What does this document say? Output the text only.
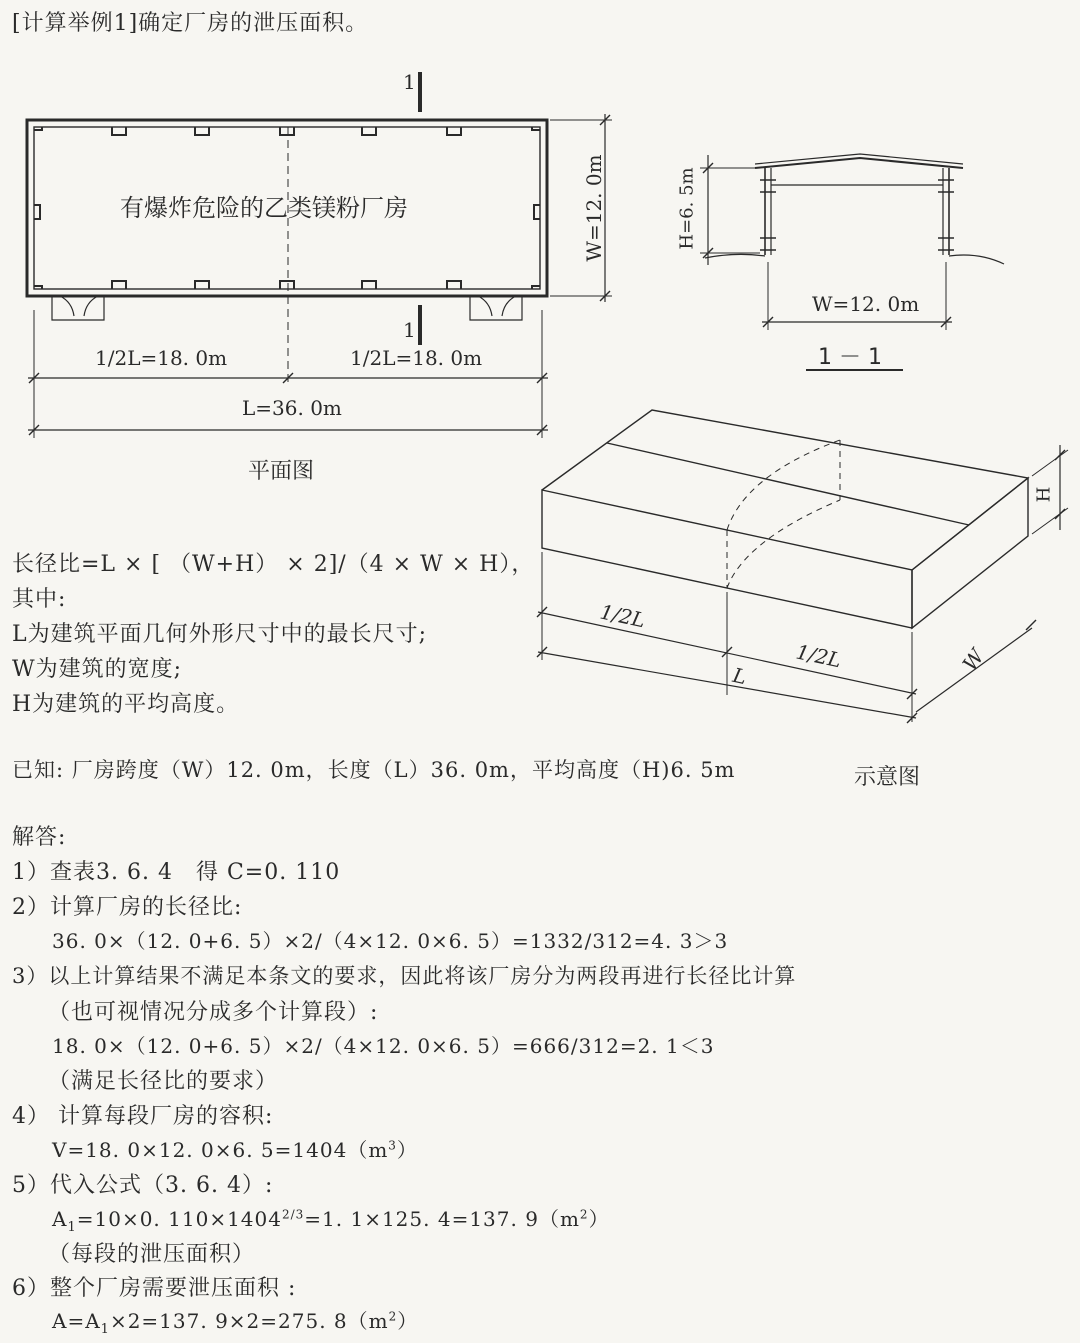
[计算举例1]确定厂房的泄压面积。
有爆炸危险的乙类镁粉厂房
1
1
W=12. 0m
1/2L=18. 0m	1/2L=18. 0m
L=36. 0m
平面图
H=6. 5m
W=12. 0m
1 － 1
1/2L
1/2L
L
W
H
示意图
长径比=L × [ （W+H） × 2]/（4 × W × H），
其中:
L为建筑平面几何外形尺寸中的最长尺寸;
W为建筑的宽度;
H为建筑的平均高度。
已知: 厂房跨度（W）12. 0m，长度（L）36. 0m，平均高度（H)6. 5m
解答:
1）查表3. 6. 4　得 C=0. 110
2）计算厂房的长径比:
36. 0×（12. 0+6. 5）×2/（4×12. 0×6. 5）=1332/312=4. 3＞3
3）以上计算结果不满足本条文的要求，因此将该厂房分为两段再进行长径比计算
（也可视情况分成多个计算段）:
18. 0×（12. 0+6. 5）×2/（4×12. 0×6. 5）=666/312=2. 1＜3
（满足长径比的要求）
4） 计算每段厂房的容积:
V=18. 0×12. 0×6. $5=1404(m^3)$
5）代入公式（3. 6. 4）:
$A_1=10\times 0$. $110\times 1404^{2/3}=1$. 1×125. 4=137. $9(m^2)$
（每段的泄压面积）
6）整个厂房需要泄压面积 :
$A=A_1\times 2=137$. 9×2=275. $8(m^2)$
